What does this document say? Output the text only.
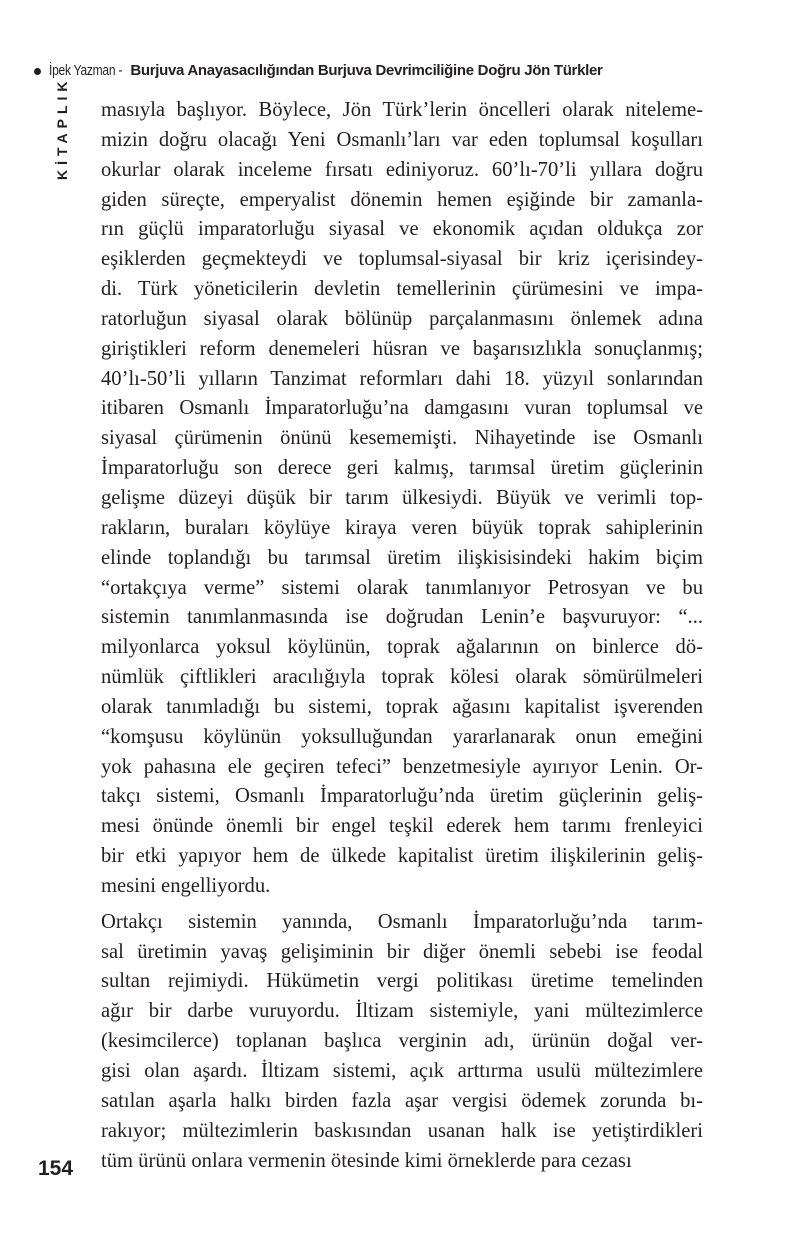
İpek Yazman - Burjuva Anayasacılığından Burjuva Devrimciliğine Doğru Jön Türkler
KİTAPLIK masıyla başlıyor. Böylece, Jön Türk’lerin öncelleri olarak niteleme-
mizin doğru olacağı Yeni Osmanlı’ları var eden toplumsal koşulları
okurlar olarak inceleme fırsatı ediniyoruz. 60’lı-70’li yıllara doğru
giden süreçte, emperyalist dönemin hemen eşiğinde bir zamanla-
rın güçlü imparatorluğu siyasal ve ekonomik açıdan oldukça zor
eşiklerden geçmekteydi ve toplumsal-siyasal bir kriz içerisindey-
di. Türk yöneticilerin devletin temellerinin çürümesini ve impa-
ratorluğun siyasal olarak bölünüp parçalanmasını önlemek adına
giriştikleri reform denemeleri hüsran ve başarısızlıkla sonuçlanmış;
40’lı-50’li yılların Tanzimat reformları dahi 18. yüzyıl sonlarından
itibaren Osmanlı İmparatorluğu’na damgasını vuran toplumsal ve
siyasal çürümenin önünü kesememişti. Nihayetinde ise Osmanlı
İmparatorluğu son derece geri kalmış, tarımsal üretim güçlerinin
gelişme düzeyi düşük bir tarım ülkesiydi. Büyük ve verimli top-
rakların, buraları köylüye kiraya veren büyük toprak sahiplerinin
elinde toplandığı bu tarımsal üretim ilişkisisindeki hakim biçim
“ortakçıya verme” sistemi olarak tanımlanıyor Petrosyan ve bu
sistemin tanımlanmasında ise doğrudan Lenin’e başvuruyor: “...
milyonlarca yoksul köylünün, toprak ağalarının on binlerce dö-
nümlük çiftlikleri aracılığıyla toprak kölesi olarak sömürülmeleri
olarak tanımladığı bu sistemi, toprak ağasını kapitalist işverenden
“komşusu köylünün yoksulluğundan yararlanarak onun emeğini
yok pahasına ele geçiren tefeci” benzetmesiyle ayırıyor Lenin. Or-
takçı sistemi, Osmanlı İmparatorluğu’nda üretim güçlerinin geliş-
mesi önünde önemli bir engel teşkil ederek hem tarımı frenleyici
bir etki yapıyor hem de ülkede kapitalist üretim ilişkilerinin geliş-
mesini engelliyordu.
Ortakçı sistemin yanında, Osmanlı İmparatorluğu’nda tarım-
sal üretimin yavaş gelişiminin bir diğer önemli sebebi ise feodal
sultan rejimiydi. Hükümetin vergi politikası üretime temelinden
ağır bir darbe vuruyordu. İltizam sistemiyle, yani mültezimlerce
(kesimcilerce) toplanan başlıca verginin adı, ürünün doğal ver-
gisi olan aşardı. İltizam sistemi, açık arttırma usulü mültezimlere
satılan aşarla halkı birden fazla aşar vergisi ödemek zorunda bı-
rakıyor; mültezimlerin baskısından usanan halk ise yetiştirdikleri
tüm ürünü onlara vermenin ötesinde kimi örneklerde para cezası
154
